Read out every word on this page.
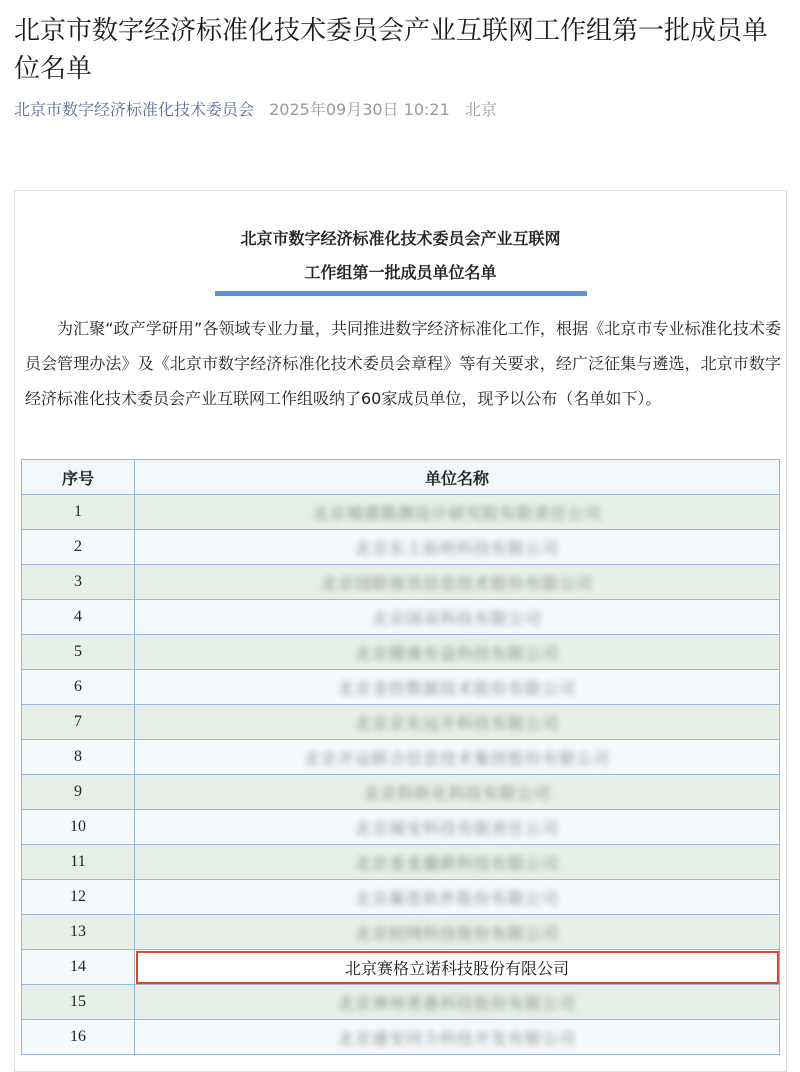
北京市数字经济标准化技术委员会产业互联网工作组第一批成员单位名单
北京市数字经济标准化技术委员会 2025年09月30日 10:21 北京
北京市数字经济标准化技术委员会产业互联网
工作组第一批成员单位名单

为汇聚“政产学研用”各领域专业力量，共同推进数字经济标准化工作，根据《北京市专业标准化技术委员会管理办法》及《北京市数字经济标准化技术委员会章程》等有关要求，经广泛征集与遴选，北京市数字经济标准化技术委员会产业互联网工作组吸纳了60家成员单位，现予以公布（名单如下）。

序号	单位名称
1	北京城建勘测设计研究院有限责任公司
2	北京东土拓明科技有限公司
3	北京国联视讯信息技术股份有限公司
4	北京国双科技有限公司
5	北京健康有益科技有限公司
6	北京金控数据技术股份有限公司
7	北京京东远升科技有限公司
8	北京开运联合信息技术集团股份有限公司
9	北京科转化科技有限公司
10	北京瑞安科技有限责任公司
11	北京麦麦趣耕科技有限公司
12	北京凝思软件股份有限公司
13	北京轻网科技股份有限公司
14	北京赛格立诺科技股份有限公司
15	北京神州普惠科技股份有限公司
16	北京盛安同力科技开发有限公司
